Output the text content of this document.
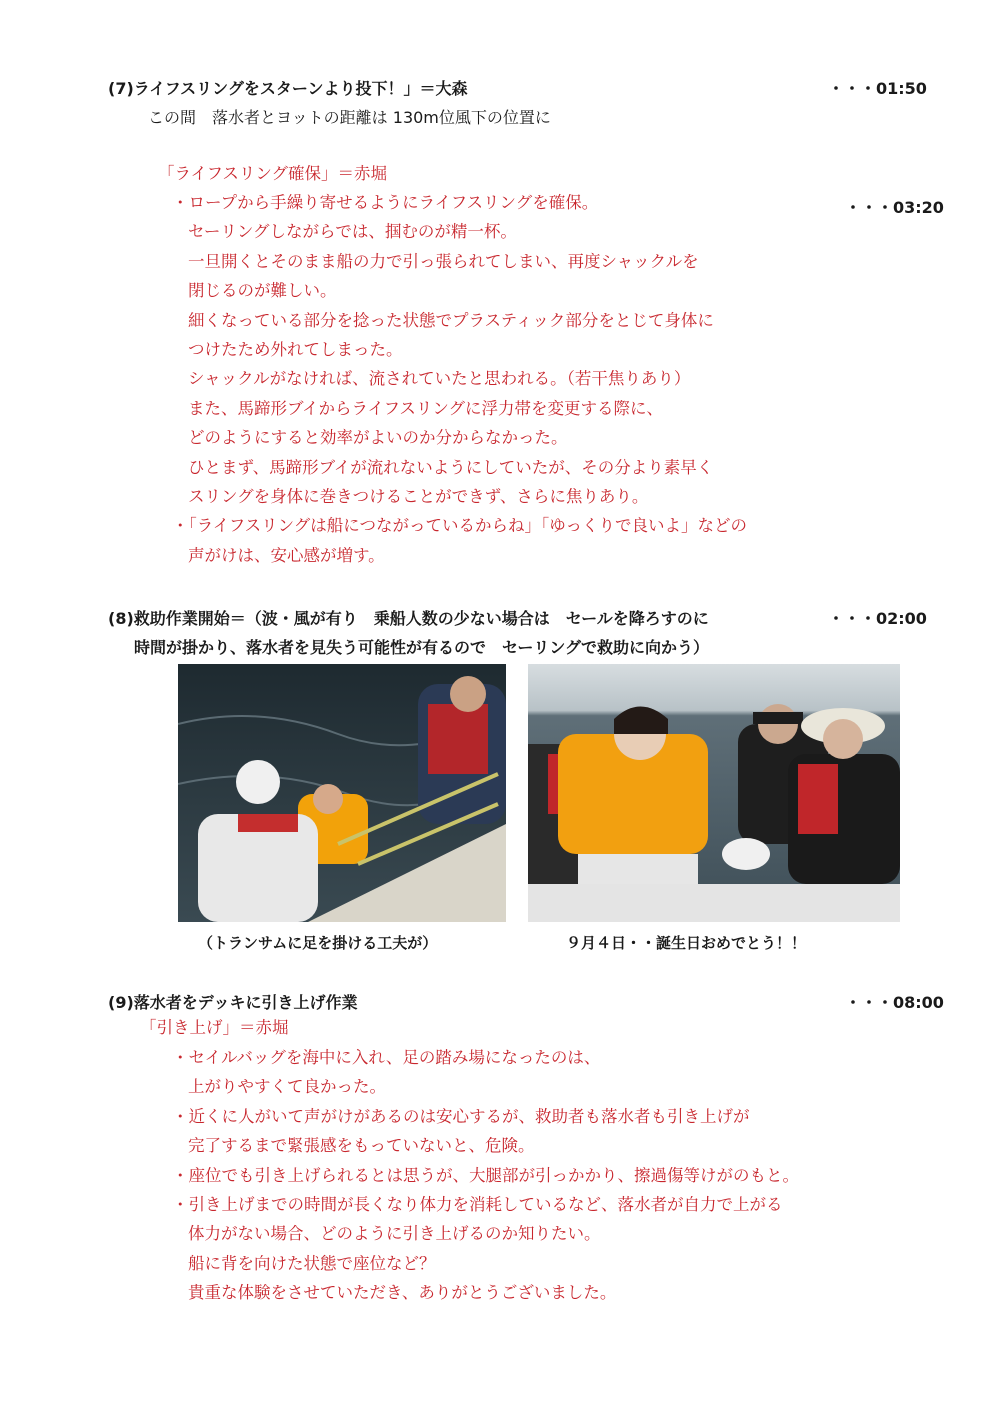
(7)ライフスリングをスターンより投下！」＝大森	・・・01:50
この間　落水者とヨットの距離は 130m位風下の位置に
「ライフスリング確保」＝赤堀
・・・03:20
・ロープから手繰り寄せるようにライフスリングを確保。
セーリングしながらでは、掴むのが精一杯。
一旦開くとそのまま船の力で引っ張られてしまい、再度シャックルを
閉じるのが難しい。
細くなっている部分を捻った状態でプラスティック部分をとじて身体に
つけたため外れてしまった。
シャックルがなければ、流されていたと思われる。（若干焦りあり）
また、馬蹄形ブイからライフスリングに浮力帯を変更する際に、
どのようにすると効率がよいのか分からなかった。
ひとまず、馬蹄形ブイが流れないようにしていたが、その分より素早く
スリングを身体に巻きつけることができず、さらに焦りあり。
・「ライフスリングは船につながっているからね」「ゆっくりで良いよ」などの
声がけは、安心感が増す。
(8)救助作業開始＝（波・風が有り　乗船人数の少ない場合は　セールを降ろすのに	・・・02:00
時間が掛かり、落水者を見失う可能性が有るので　セーリングで救助に向かう）
（トランサムに足を掛ける工夫が）	９月４日・・誕生日おめでとう！！
(9)落水者をデッキに引き上げ作業	・・・08:00
「引き上げ」＝赤堀
・セイルバッグを海中に入れ、足の踏み場になったのは、
上がりやすくて良かった。
・近くに人がいて声がけがあるのは安心するが、救助者も落水者も引き上げが
完了するまで緊張感をもっていないと、危険。
・座位でも引き上げられるとは思うが、大腿部が引っかかり、擦過傷等けがのもと。
・引き上げまでの時間が長くなり体力を消耗しているなど、落水者が自力で上がる
体力がない場合、どのように引き上げるのか知りたい。
船に背を向けた状態で座位など？
貴重な体験をさせていただき、ありがとうございました。
